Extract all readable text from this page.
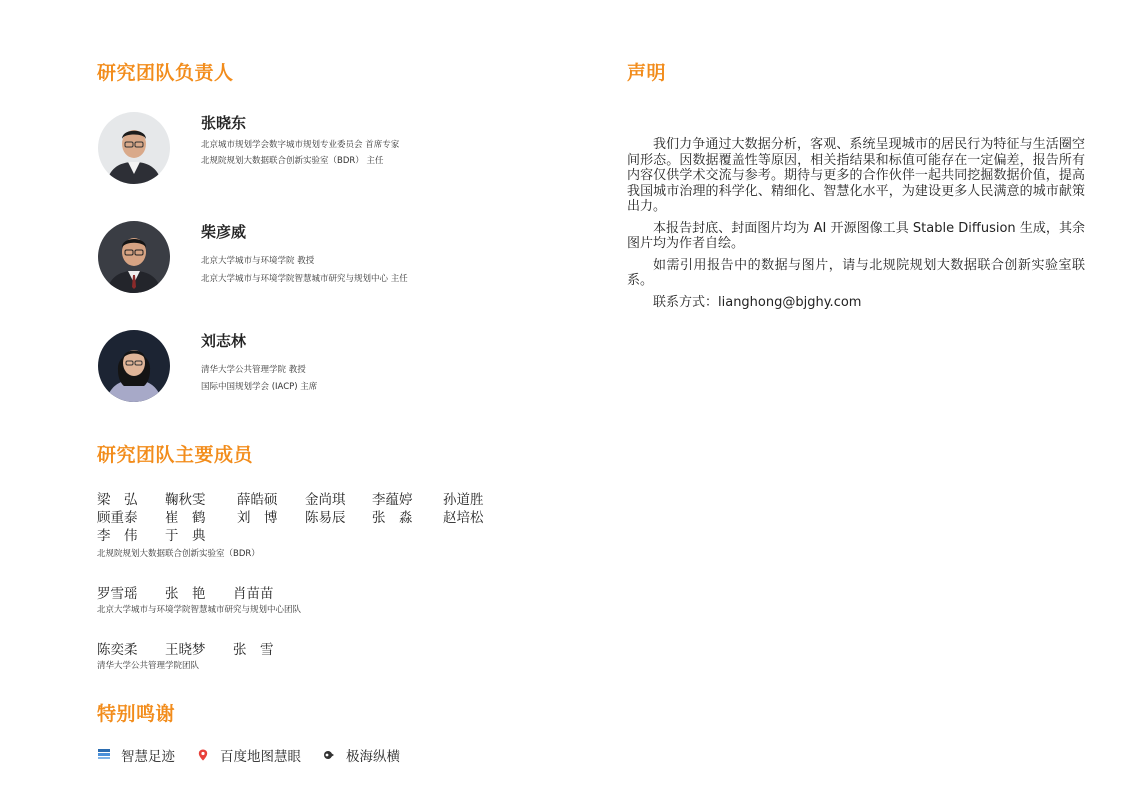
研究团队负责人
张晓东
北京城市规划学会数字城市规划专业委员会 首席专家
北规院规划大数据联合创新实验室（BDR） 主任
柴彦威
北京大学城市与环境学院 教授
北京大学城市与环境学院智慧城市研究与规划中心 主任
刘志林
清华大学公共管理学院 教授
国际中国规划学会 (IACP) 主席
研究团队主要成员
梁　弘 鞠秋雯 薛皓硕 金尚琪 李蕴婷 孙道胜
顾重泰 崔　鹤 刘　博 陈易辰 张　淼 赵培松
李　伟 于　典
北规院规划大数据联合创新实验室（BDR）
罗雪瑶 张　艳 肖苗苗
北京大学城市与环境学院智慧城市研究与规划中心团队
陈奕柔 王晓梦 张　雪
清华大学公共管理学院团队
特别鸣谢
智慧足迹	百度地图慧眼	极海纵横
声明

我们力争通过大数据分析，客观、系统呈现城市的居民行为特征与生活圈空间形态。因数据覆盖性等原因，相关指结果和标值可能存在一定偏差，报告所有内容仅供学术交流与参考。期待与更多的合作伙伴一起共同挖掘数据价值，提高我国城市治理的科学化、精细化、智慧化水平，为建设更多人民满意的城市献策出力。

本报告封底、封面图片均为 AI 开源图像工具 Stable Diffusion 生成，其余图片均为作者自绘。

如需引用报告中的数据与图片，请与北规院规划大数据联合创新实验室联系。

联系方式：lianghong@bjghy.com
